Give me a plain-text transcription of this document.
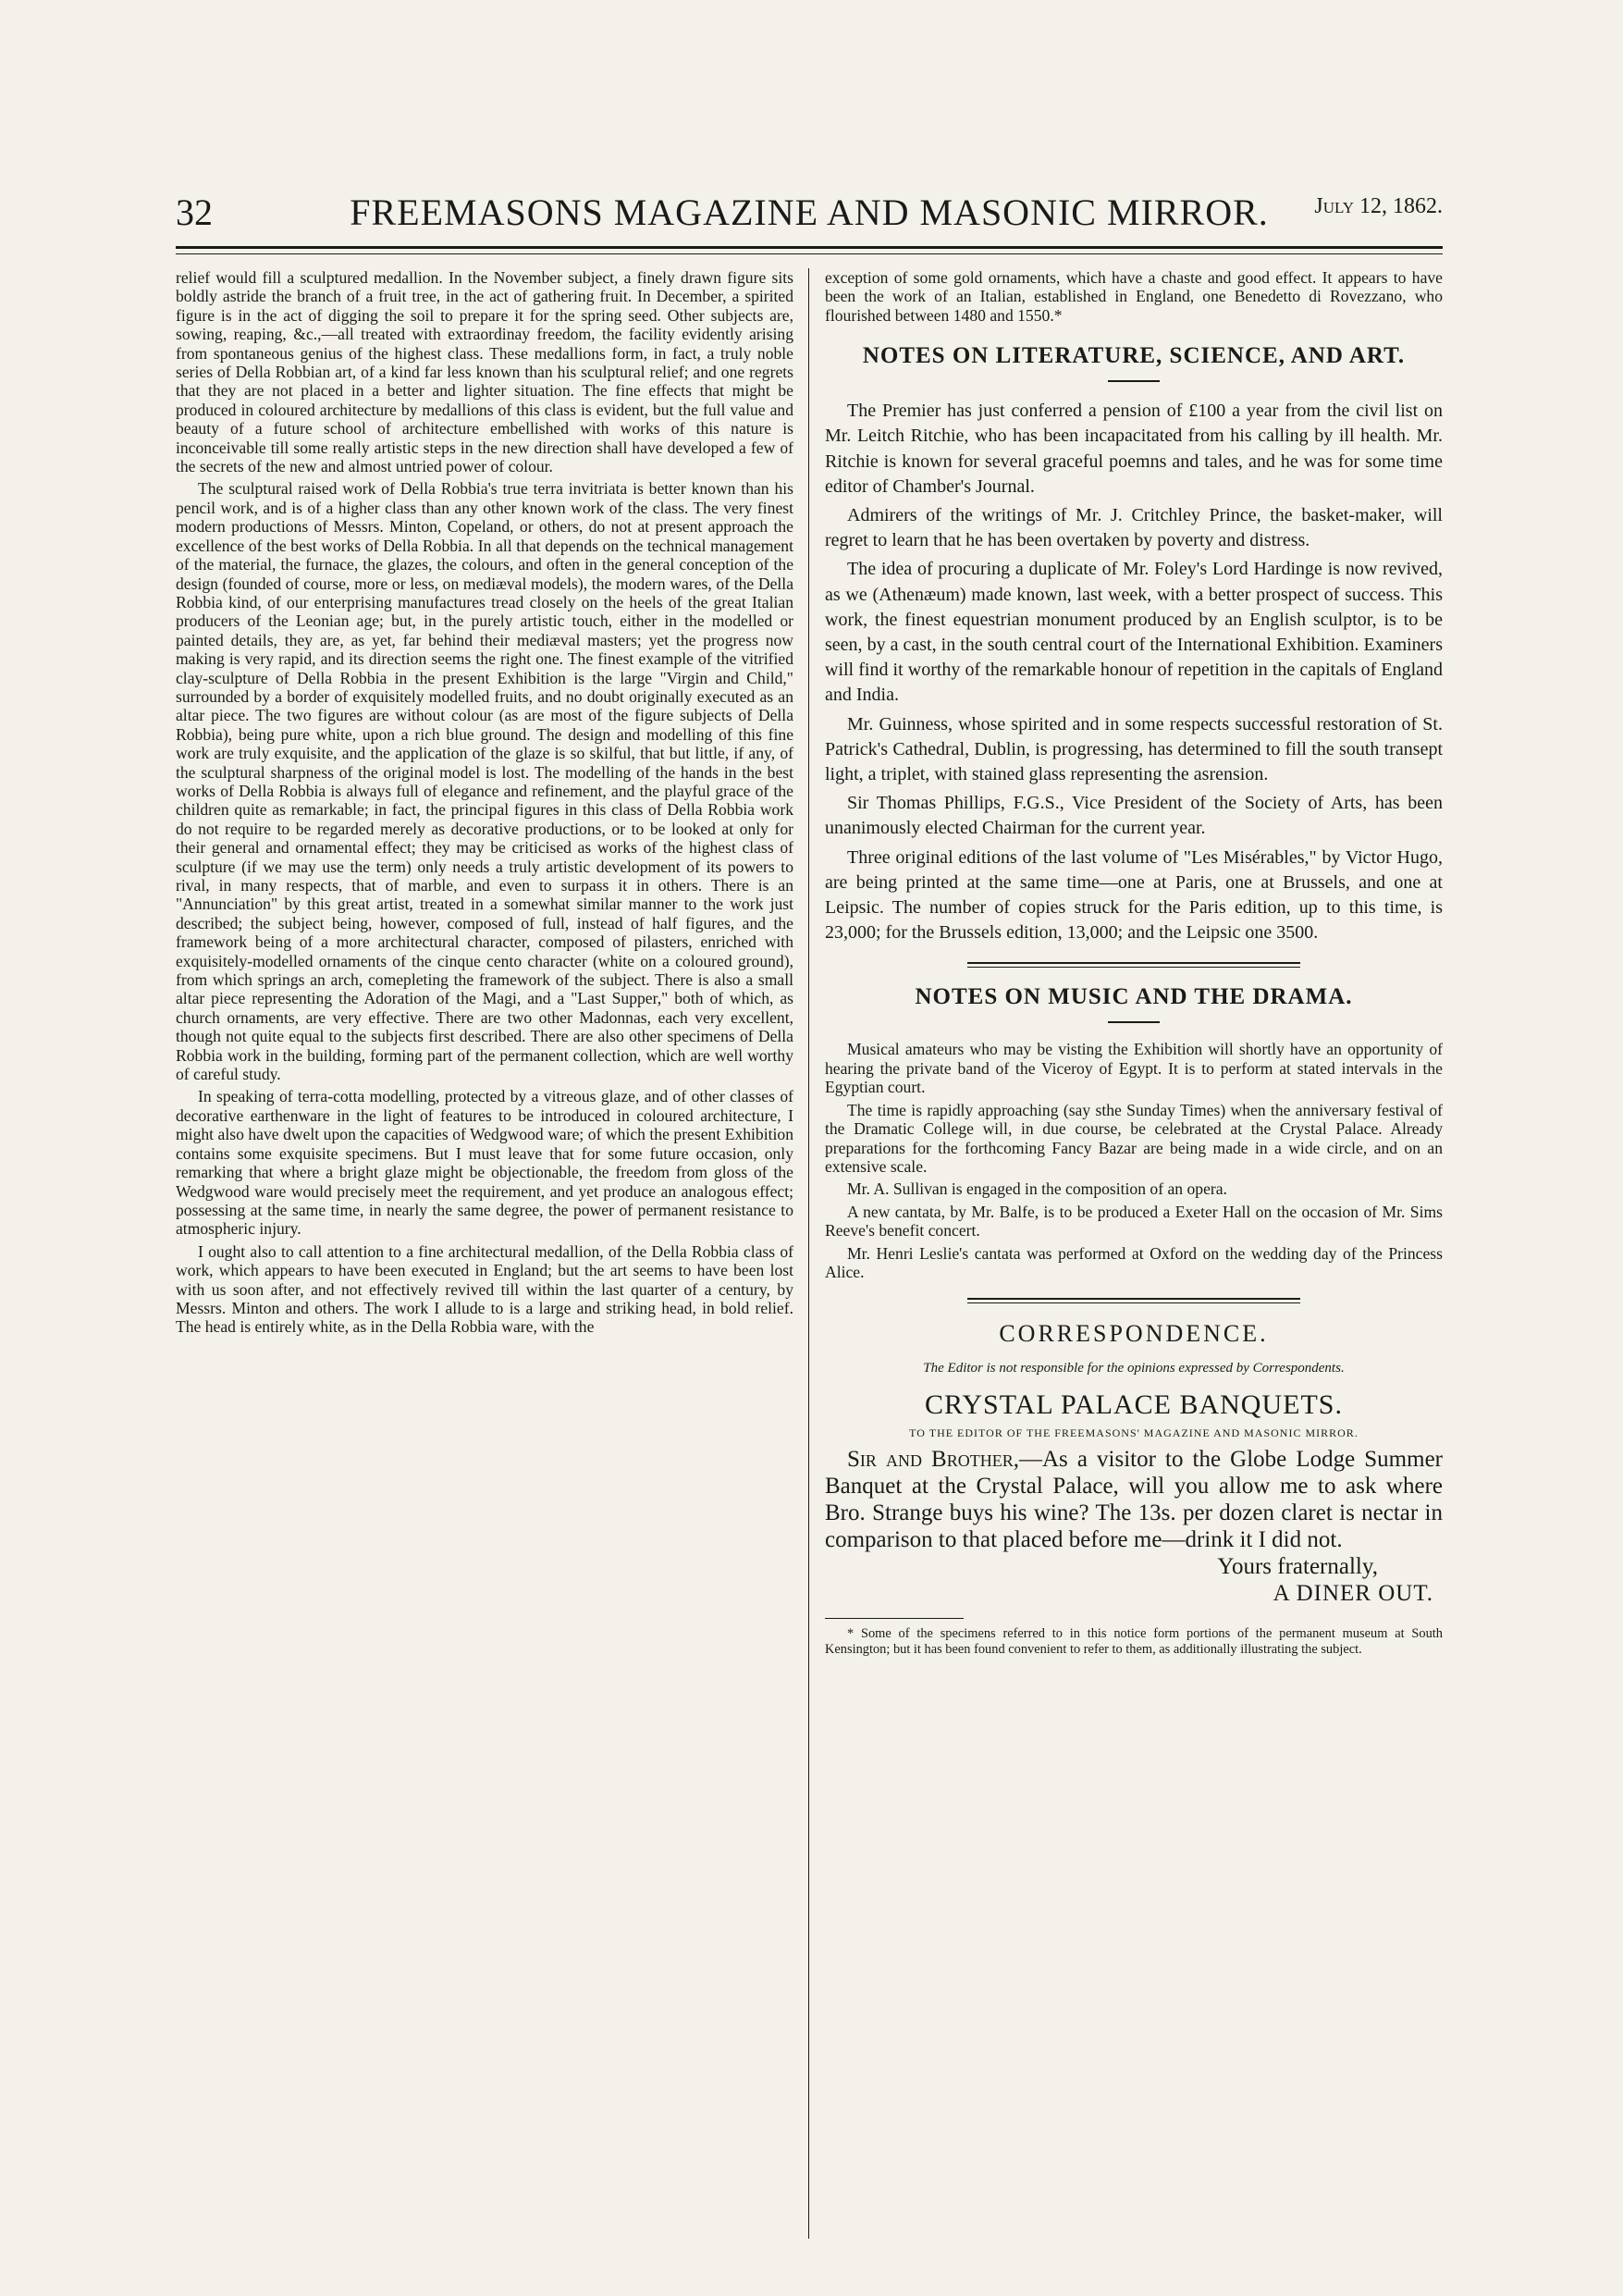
32	FREEMASONS MAGAZINE AND MASONIC MIRROR.	July 12, 1862.

relief would fill a sculptured medallion. In the November subject, a finely drawn figure sits boldly astride the branch of a fruit tree, in the act of gathering fruit. In December, a spirited figure is in the act of digging the soil to prepare it for the spring seed. Other subjects are, sowing, reaping, &c.,—all treated with extraordinay freedom, the facility evidently arising from spontaneous genius of the highest class. These medallions form, in fact, a truly noble series of Della Robbian art, of a kind far less known than his sculptural relief; and one regrets that they are not placed in a better and lighter situation. The fine effects that might be produced in coloured architecture by medallions of this class is evident, but the full value and beauty of a future school of architecture embellished with works of this nature is inconceivable till some really artistic steps in the new direction shall have developed a few of the secrets of the new and almost untried power of colour.

The sculptural raised work of Della Robbia's true terra invitriata is better known than his pencil work, and is of a higher class than any other known work of the class. The very finest modern productions of Messrs. Minton, Copeland, or others, do not at present approach the excellence of the best works of Della Robbia. In all that depends on the technical management of the material, the furnace, the glazes, the colours, and often in the general conception of the design (founded of course, more or less, on mediæval models), the modern wares, of the Della Robbia kind, of our enterprising manufactures tread closely on the heels of the great Italian producers of the Leonian age; but, in the purely artistic touch, either in the modelled or painted details, they are, as yet, far behind their mediæval masters; yet the progress now making is very rapid, and its direction seems the right one. The finest example of the vitrified clay-sculpture of Della Robbia in the present Exhibition is the large "Virgin and Child," surrounded by a border of exquisitely modelled fruits, and no doubt originally executed as an altar piece. The two figures are without colour (as are most of the figure subjects of Della Robbia), being pure white, upon a rich blue ground. The design and modelling of this fine work are truly exquisite, and the application of the glaze is so skilful, that but little, if any, of the sculptural sharpness of the original model is lost. The modelling of the hands in the best works of Della Robbia is always full of elegance and refinement, and the playful grace of the children quite as remarkable; in fact, the principal figures in this class of Della Robbia work do not require to be regarded merely as decorative productions, or to be looked at only for their general and ornamental effect; they may be criticised as works of the highest class of sculpture (if we may use the term) only needs a truly artistic development of its powers to rival, in many respects, that of marble, and even to surpass it in others. There is an "Annunciation" by this great artist, treated in a somewhat similar manner to the work just described; the subject being, however, composed of full, instead of half figures, and the framework being of a more architectural character, composed of pilasters, enriched with exquisitely-modelled ornaments of the cinque cento character (white on a coloured ground), from which springs an arch, comepleting the framework of the subject. There is also a small altar piece representing the Adoration of the Magi, and a "Last Supper," both of which, as church ornaments, are very effective. There are two other Madonnas, each very excellent, though not quite equal to the subjects first described. There are also other specimens of Della Robbia work in the building, forming part of the permanent collection, which are well worthy of careful study.

In speaking of terra-cotta modelling, protected by a vitreous glaze, and of other classes of decorative earthenware in the light of features to be introduced in coloured architecture, I might also have dwelt upon the capacities of Wedgwood ware; of which the present Exhibition contains some exquisite specimens. But I must leave that for some future occasion, only remarking that where a bright glaze might be objectionable, the freedom from gloss of the Wedgwood ware would precisely meet the requirement, and yet produce an analogous effect; possessing at the same time, in nearly the same degree, the power of permanent resistance to atmospheric injury.

I ought also to call attention to a fine architectural medallion, of the Della Robbia class of work, which appears to have been executed in England; but the art seems to have been lost with us soon after, and not effectively revived till within the last quarter of a century, by Messrs. Minton and others. The work I allude to is a large and striking head, in bold relief. The head is entirely white, as in the Della Robbia ware, with the

exception of some gold ornaments, which have a chaste and good effect. It appears to have been the work of an Italian, established in England, one Benedetto di Rovezzano, who flourished between 1480 and 1550.*

NOTES ON LITERATURE, SCIENCE, AND ART.

The Premier has just conferred a pension of £100 a year from the civil list on Mr. Leitch Ritchie, who has been incapacitated from his calling by ill health. Mr. Ritchie is known for several graceful poemns and tales, and he was for some time editor of Chamber's Journal.

Admirers of the writings of Mr. J. Critchley Prince, the basket-maker, will regret to learn that he has been overtaken by poverty and distress.

The idea of procuring a duplicate of Mr. Foley's Lord Hardinge is now revived, as we (Athenæum) made known, last week, with a better prospect of success. This work, the finest equestrian monument produced by an English sculptor, is to be seen, by a cast, in the south central court of the International Exhibition. Examiners will find it worthy of the remarkable honour of repetition in the capitals of England and India.

Mr. Guinness, whose spirited and in some respects successful restoration of St. Patrick's Cathedral, Dublin, is progressing, has determined to fill the south transept light, a triplet, with stained glass representing the asrension.

Sir Thomas Phillips, F.G.S., Vice President of the Society of Arts, has been unanimously elected Chairman for the current year.

Three original editions of the last volume of "Les Misérables," by Victor Hugo, are being printed at the same time—one at Paris, one at Brussels, and one at Leipsic. The number of copies struck for the Paris edition, up to this time, is 23,000; for the Brussels edition, 13,000; and the Leipsic one 3500.

NOTES ON MUSIC AND THE DRAMA.

Musical amateurs who may be visting the Exhibition will shortly have an opportunity of hearing the private band of the Viceroy of Egypt. It is to perform at stated intervals in the Egyptian court.

The time is rapidly approaching (say sthe Sunday Times) when the anniversary festival of the Dramatic College will, in due course, be celebrated at the Crystal Palace. Already preparations for the forthcoming Fancy Bazar are being made in a wide circle, and on an extensive scale.

Mr. A. Sullivan is engaged in the composition of an opera.

A new cantata, by Mr. Balfe, is to be produced a Exeter Hall on the occasion of Mr. Sims Reeve's benefit concert.

Mr. Henri Leslie's cantata was performed at Oxford on the wedding day of the Princess Alice.

CORRESPONDENCE.
The Editor is not responsible for the opinions expressed by Correspondents.
CRYSTAL PALACE BANQUETS.
TO THE EDITOR OF THE FREEMASONS' MAGAZINE AND MASONIC MIRROR.

Sir and Brother,—As a visitor to the Globe Lodge Summer Banquet at the Crystal Palace, will you allow me to ask where Bro. Strange buys his wine? The 13s. per dozen claret is nectar in comparison to that placed before me—drink it I did not.

Yours fraternally,
A DINER OUT.

* Some of the specimens referred to in this notice form portions of the permanent museum at South Kensington; but it has been found convenient to refer to them, as additionally illustrating the subject.
